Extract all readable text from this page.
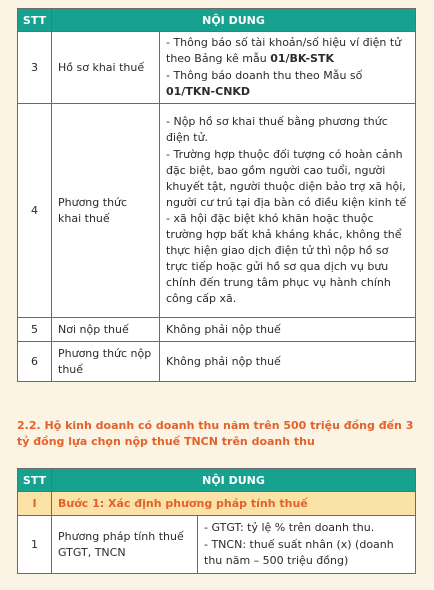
STT	NỘI DUNG	
3	Hồ sơ khai thuế	- Thông báo số tài khoản/số hiệu ví điện tử theo Bảng kê mẫu 01/BK-STK

- Thông báo doanh thu theo Mẫu số 01/TKN-CNKD

4	Phương thức khai thuế	- Nộp hồ sơ khai thuế bằng phương thức điện tử.

- Trường hợp thuộc đối tượng có hoàn cảnh đặc biệt, bao gồm người cao tuổi, người khuyết tật, người thuộc diện bảo trợ xã hội, người cư trú tại địa bàn có điều kiện kinh tế - xã hội đặc biệt khó khăn hoặc thuộc trường hợp bất khả kháng khác, không thể thực hiện giao dịch điện tử thì nộp hồ sơ trực tiếp hoặc gửi hồ sơ qua dịch vụ bưu chính đến trung tâm phục vụ hành chính công cấp xã.

5	Nơi nộp thuế	Không phải nộp thuế
6	Phương thức nộp thuế	Không phải nộp thuế

2.2. Hộ kinh doanh có doanh thu năm trên 500 triệu đồng đến 3 tỷ đồng lựa chọn nộp thuế TNCN trên doanh thu

STT	NỘI DUNG	
I	Bước 1: Xác định phương pháp tính thuế	
1	Phương pháp tính thuế GTGT, TNCN	- GTGT: tỷ lệ % trên doanh thu.

- TNCN: thuế suất nhân (x) (doanh thu năm – 500 triệu đồng)
